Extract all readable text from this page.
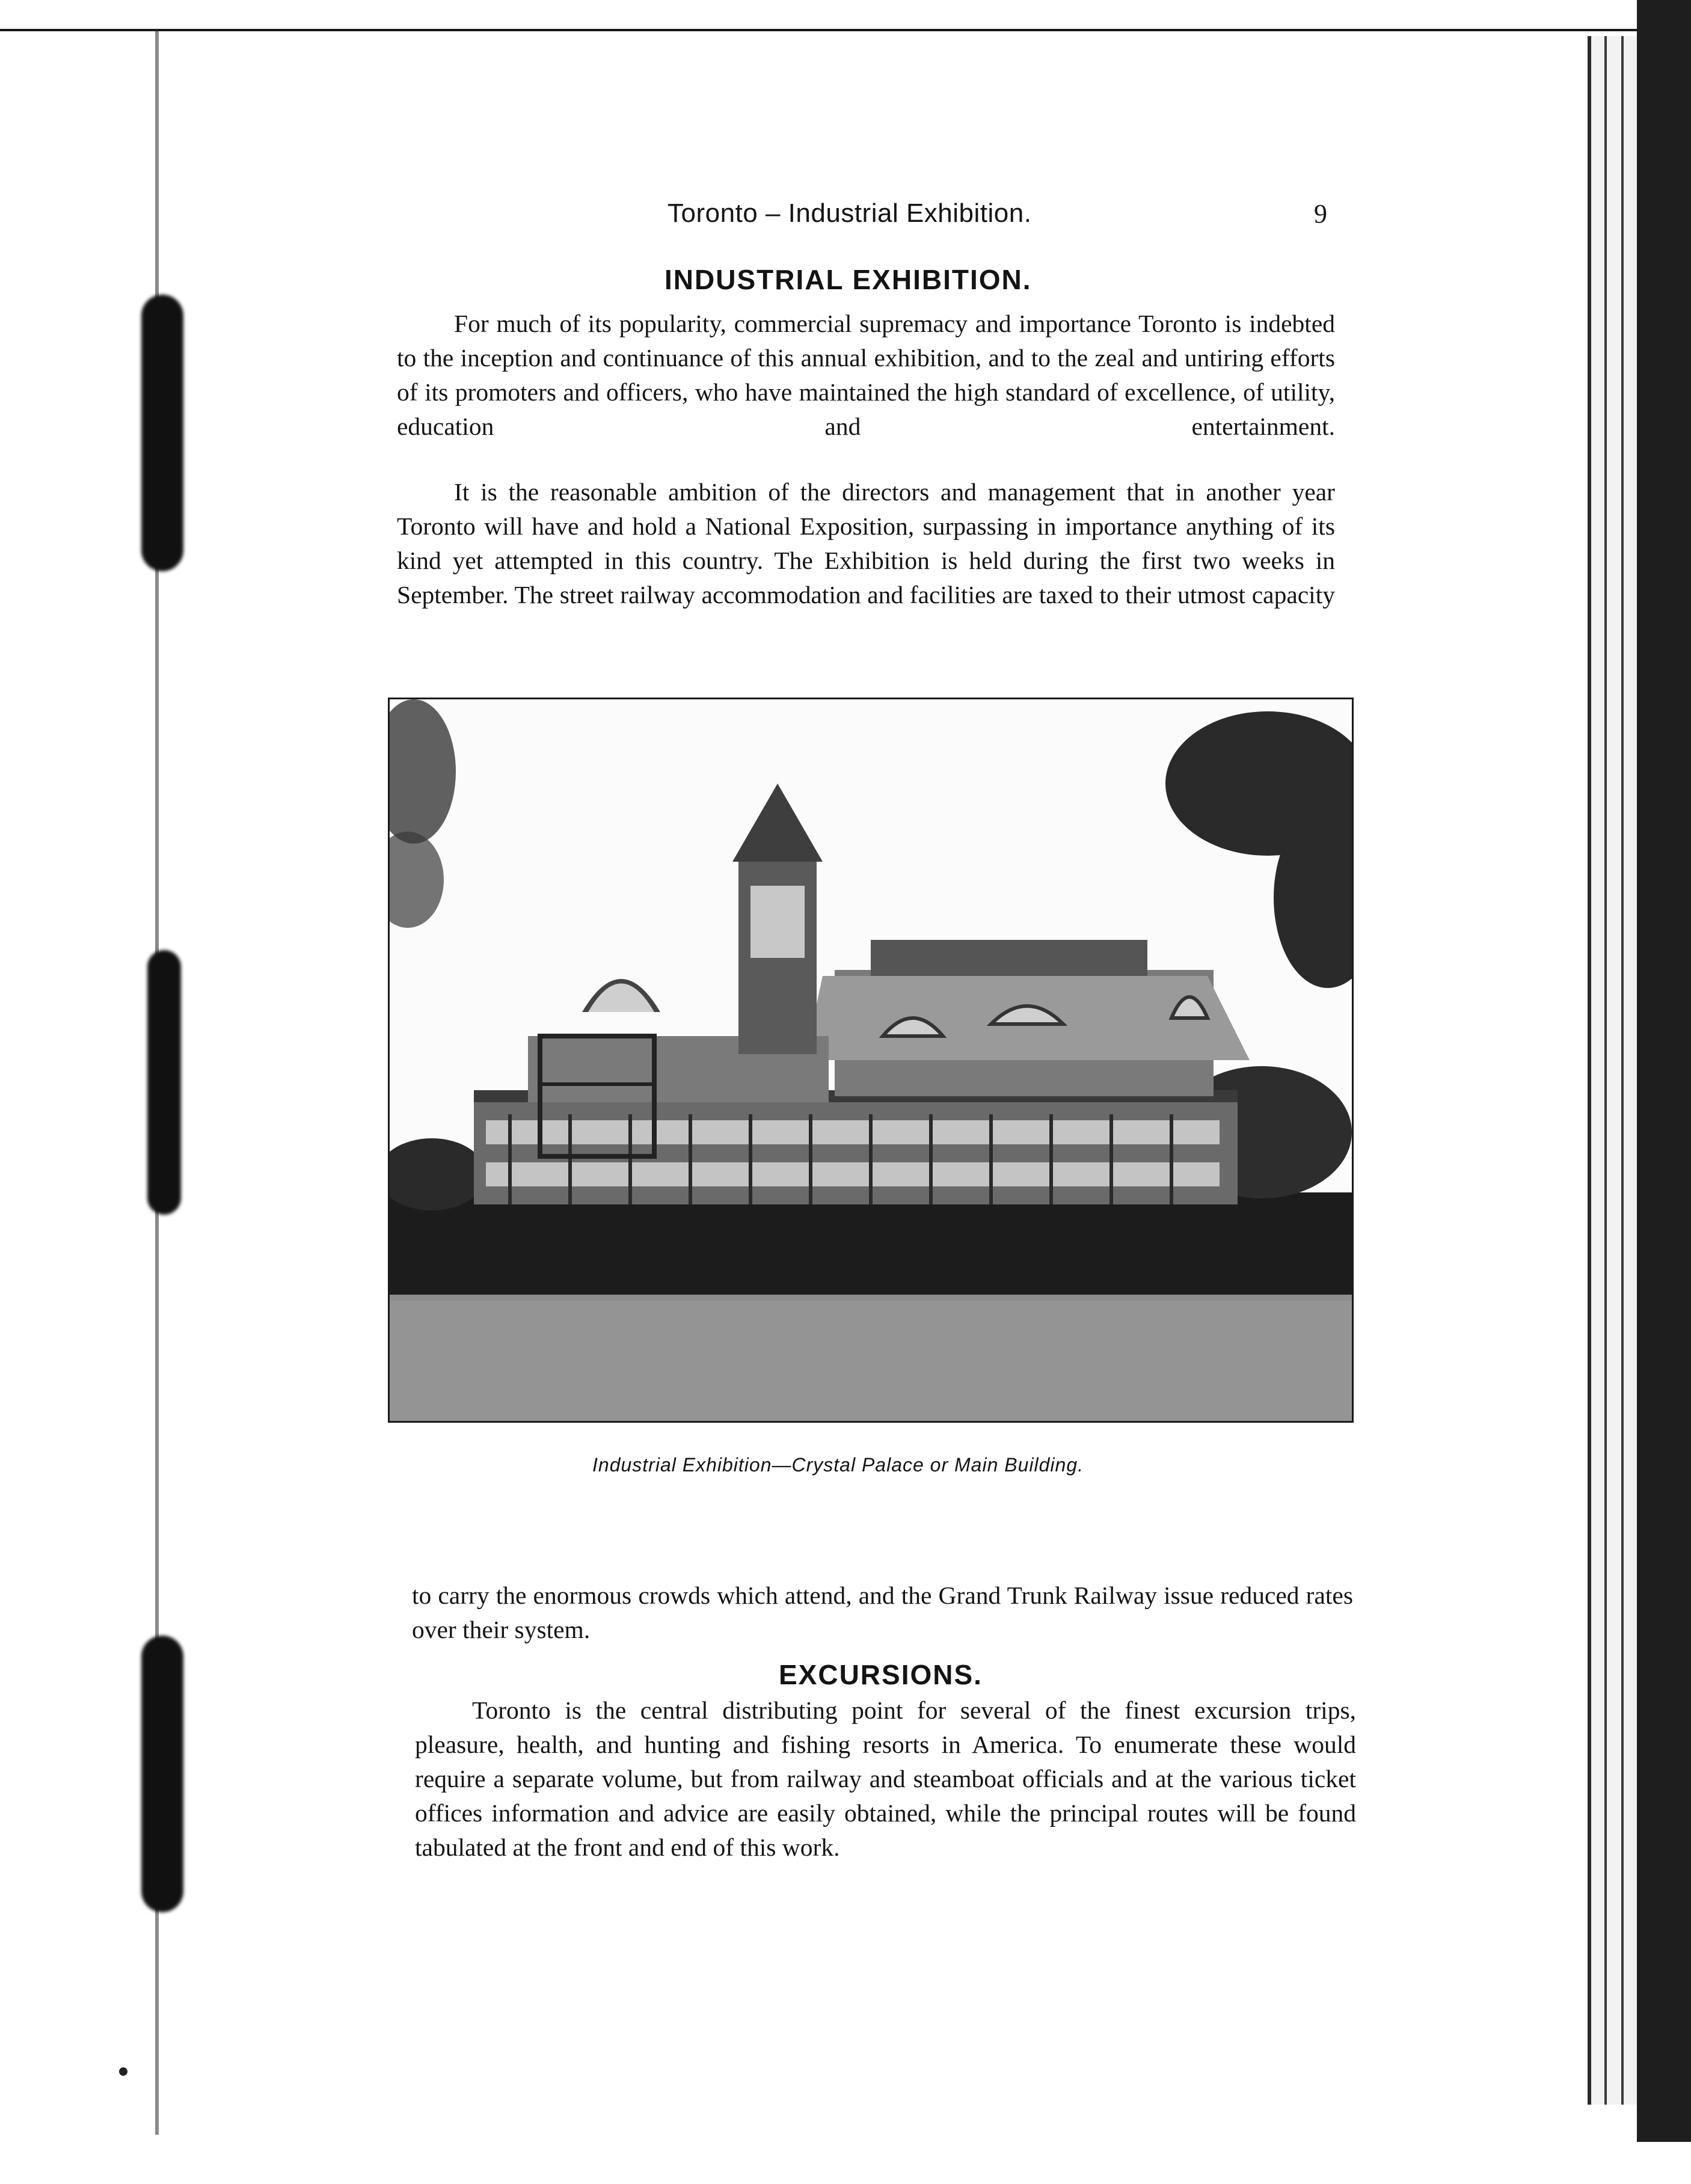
Toronto – Industrial Exhibition.	9
INDUSTRIAL EXHIBITION.

For much of its popularity, commercial supremacy and importance Toronto is indebted to the inception and continuance of this annual exhibition, and to the zeal and untiring efforts of its promoters and officers, who have maintained the high standard of excellence, of utility, education and entertainment.

It is the reasonable ambition of the directors and management that in another year Toronto will have and hold a National Exposition, surpassing in importance anything of its kind yet attempted in this country. The Exhibition is held during the first two weeks in September. The street railway accommodation and facilities are taxed to their utmost capacity

Industrial Exhibition—Crystal Palace or Main Building.

to carry the enormous crowds which attend, and the Grand Trunk Railway issue reduced rates over their system.

EXCURSIONS.

Toronto is the central distributing point for several of the finest excursion trips, pleasure, health, and hunting and fishing resorts in America. To enumerate these would require a separate volume, but from railway and steamboat officials and at the various ticket offices information and advice are easily obtained, while the principal routes will be found tabulated at the front and end of this work.
